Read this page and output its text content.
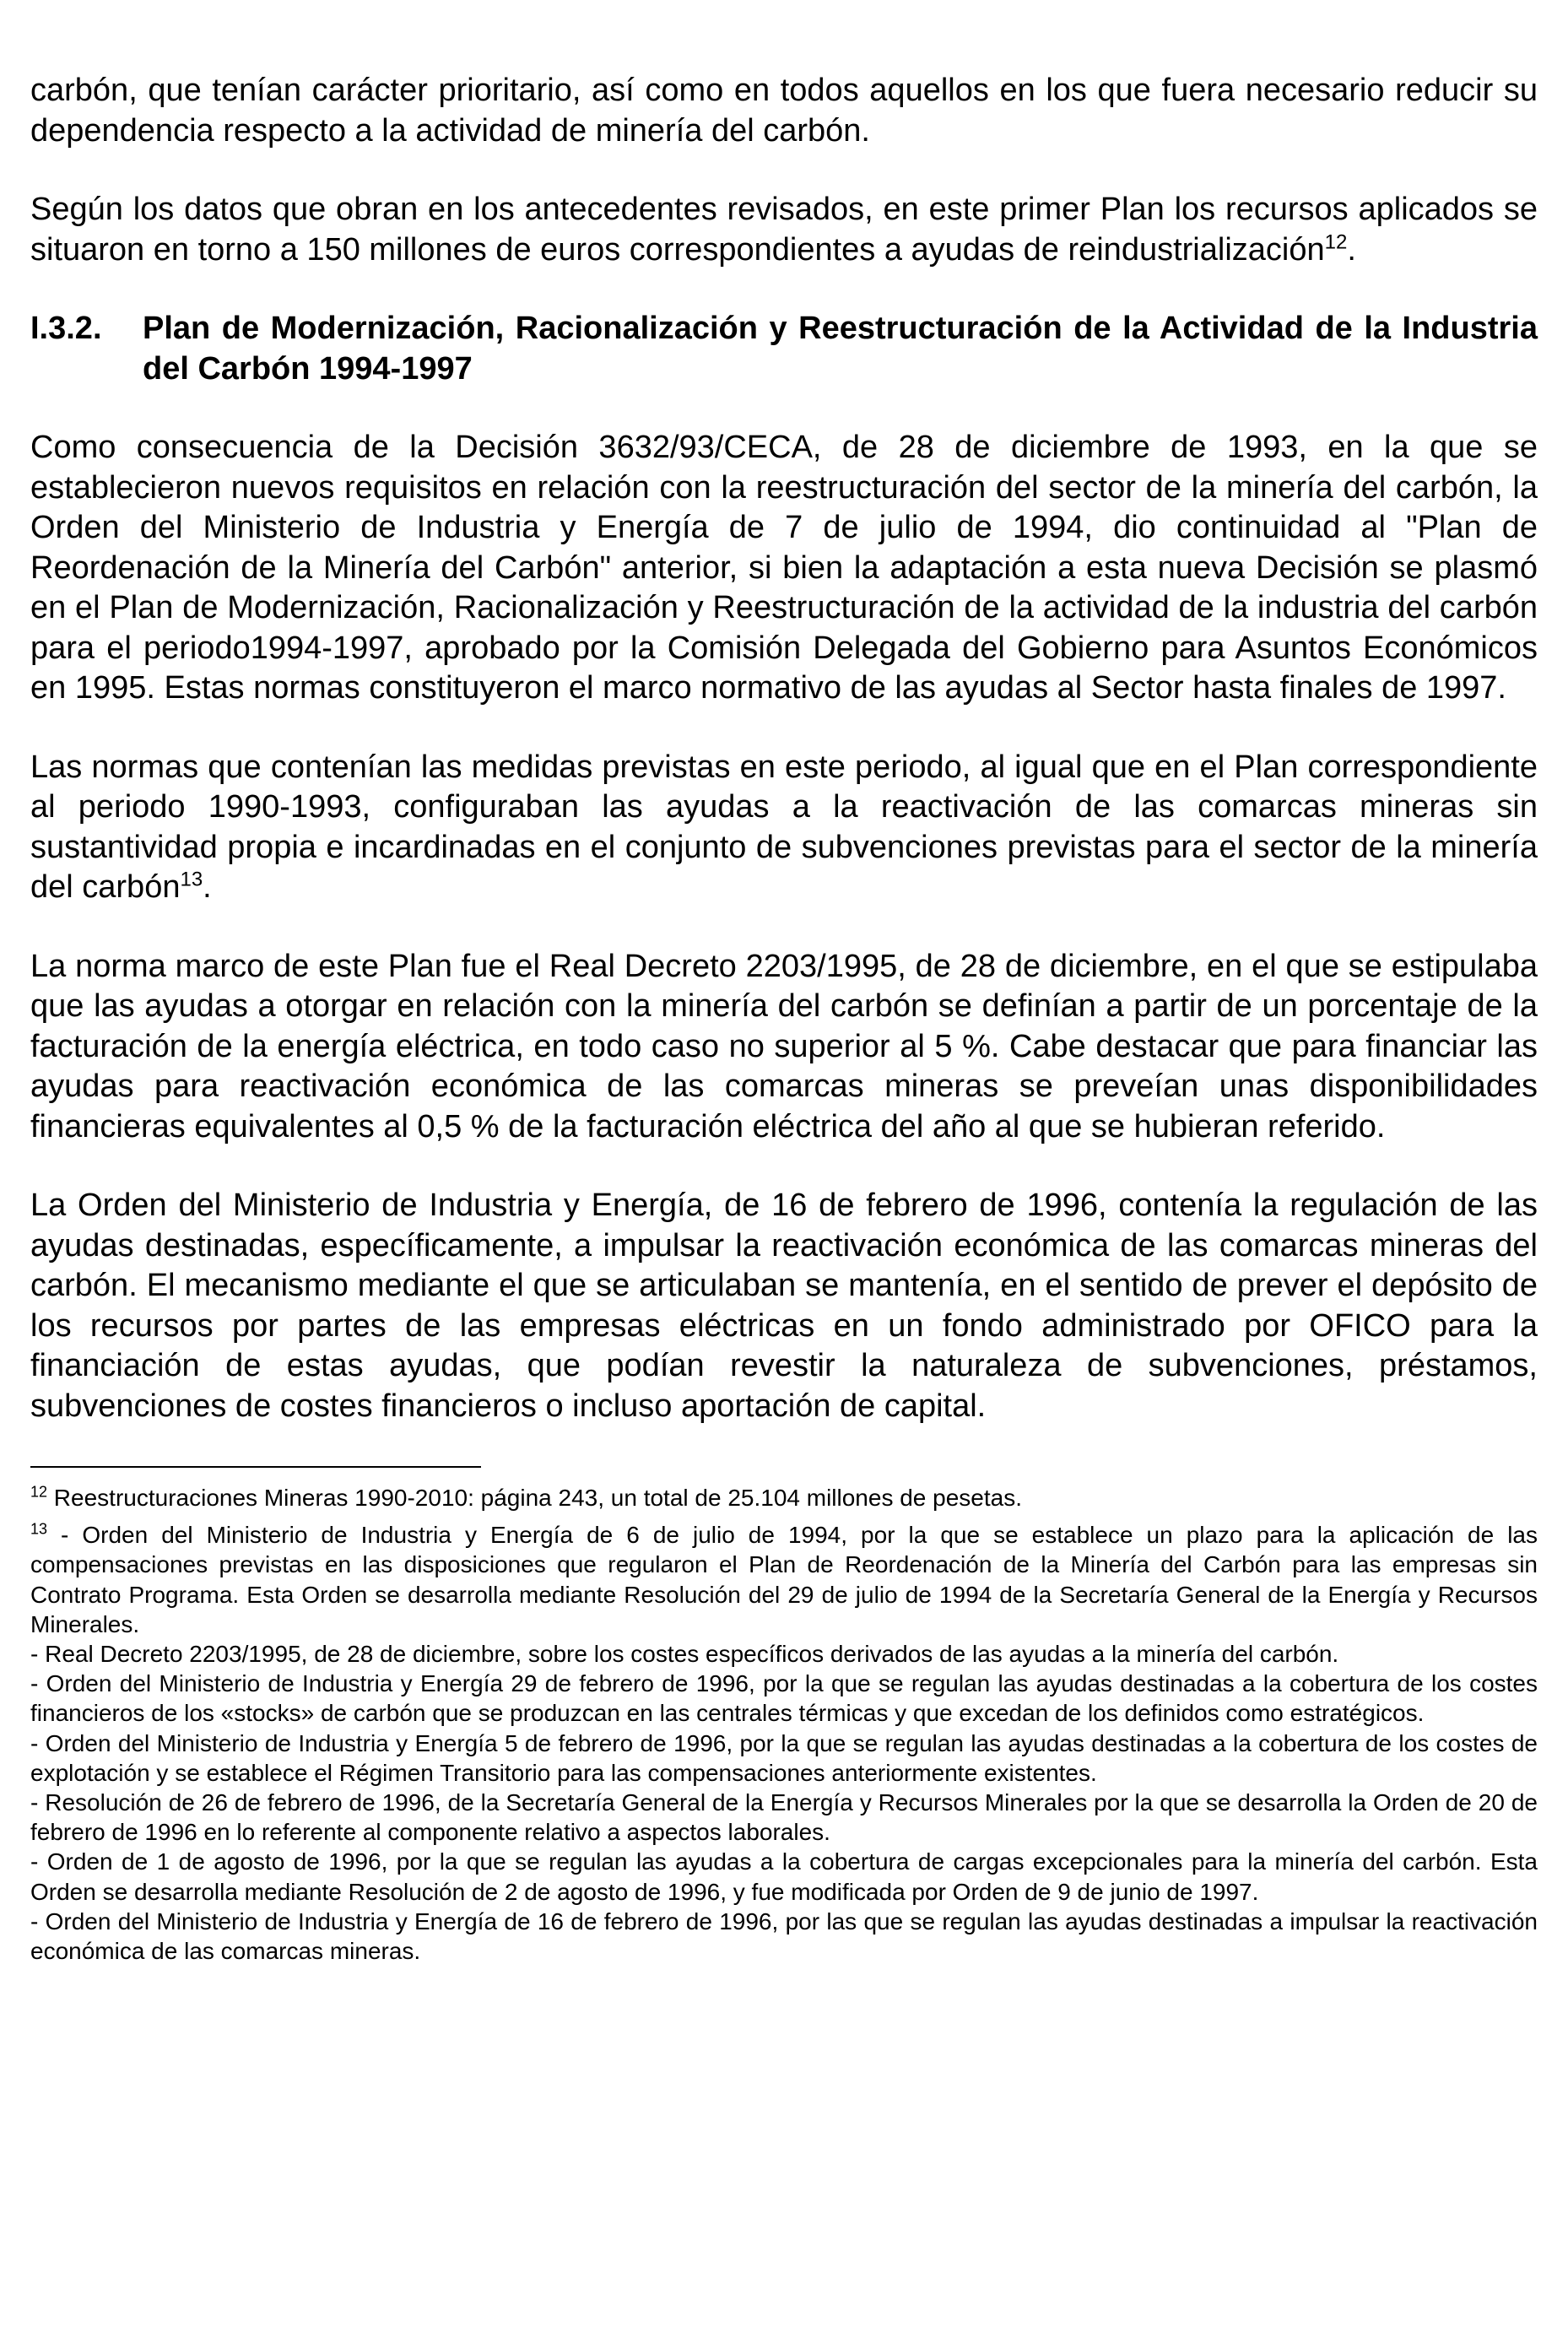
carbón, que tenían carácter prioritario, así como en todos aquellos en los que fuera necesario reducir su dependencia respecto a la actividad de minería del carbón.

Según los datos que obran en los antecedentes revisados, en este primer Plan los recursos aplicados se situaron en torno a 150 millones de euros correspondientes a ayudas de reindustrialización$^{12}$.

I.3.2.	Plan de Modernización, Racionalización y Reestructuración de la Actividad de la Industria del Carbón 1994-1997

Como consecuencia de la Decisión 3632/93/CECA, de 28 de diciembre de 1993, en la que se establecieron nuevos requisitos en relación con la reestructuración del sector de la minería del carbón, la Orden del Ministerio de Industria y Energía de 7 de julio de 1994, dio continuidad al "Plan de Reordenación de la Minería del Carbón" anterior, si bien la adaptación a esta nueva Decisión se plasmó en el Plan de Modernización, Racionalización y Reestructuración de la actividad de la industria del carbón para el periodo1994-1997, aprobado por la Comisión Delegada del Gobierno para Asuntos Económicos en 1995. Estas normas constituyeron el marco normativo de las ayudas al Sector hasta finales de 1997.

Las normas que contenían las medidas previstas en este periodo, al igual que en el Plan correspondiente al periodo 1990-1993, configuraban las ayudas a la reactivación de las comarcas mineras sin sustantividad propia e incardinadas en el conjunto de subvenciones previstas para el sector de la minería del carbón$^{13}$.

La norma marco de este Plan fue el Real Decreto 2203/1995, de 28 de diciembre, en el que se estipulaba que las ayudas a otorgar en relación con la minería del carbón se definían a partir de un porcentaje de la facturación de la energía eléctrica, en todo caso no superior al 5 %. Cabe destacar que para financiar las ayudas para reactivación económica de las comarcas mineras se preveían unas disponibilidades financieras equivalentes al 0,5 % de la facturación eléctrica del año al que se hubieran referido.

La Orden del Ministerio de Industria y Energía, de 16 de febrero de 1996, contenía la regulación de las ayudas destinadas, específicamente, a impulsar la reactivación económica de las comarcas mineras del carbón. El mecanismo mediante el que se articulaban se mantenía, en el sentido de prever el depósito de los recursos por partes de las empresas eléctricas en un fondo administrado por OFICO para la financiación de estas ayudas, que podían revestir la naturaleza de subvenciones, préstamos, subvenciones de costes financieros o incluso aportación de capital.

$^{12}$ Reestructuraciones Mineras 1990-2010: página 243, un total de 25.104 millones de pesetas.

$^{13}$ - Orden del Ministerio de Industria y Energía de 6 de julio de 1994, por la que se establece un plazo para la aplicación de las compensaciones previstas en las disposiciones que regularon el Plan de Reordenación de la Minería del Carbón para las empresas sin Contrato Programa. Esta Orden se desarrolla mediante Resolución del 29 de julio de 1994 de la Secretaría General de la Energía y Recursos Minerales.

- Real Decreto 2203/1995, de 28 de diciembre, sobre los costes específicos derivados de las ayudas a la minería del carbón.

- Orden del Ministerio de Industria y Energía 29 de febrero de 1996, por la que se regulan las ayudas destinadas a la cobertura de los costes financieros de los «stocks» de carbón que se produzcan en las centrales térmicas y que excedan de los definidos como estratégicos.

- Orden del Ministerio de Industria y Energía 5 de febrero de 1996, por la que se regulan las ayudas destinadas a la cobertura de los costes de explotación y se establece el Régimen Transitorio para las compensaciones anteriormente existentes.

- Resolución de 26 de febrero de 1996, de la Secretaría General de la Energía y Recursos Minerales por la que se desarrolla la Orden de 20 de febrero de 1996 en lo referente al componente relativo a aspectos laborales.

- Orden de 1 de agosto de 1996, por la que se regulan las ayudas a la cobertura de cargas excepcionales para la minería del carbón. Esta Orden se desarrolla mediante Resolución de 2 de agosto de 1996, y fue modificada por Orden de 9 de junio de 1997.

- Orden del Ministerio de Industria y Energía de 16 de febrero de 1996, por las que se regulan las ayudas destinadas a impulsar la reactivación económica de las comarcas mineras.
